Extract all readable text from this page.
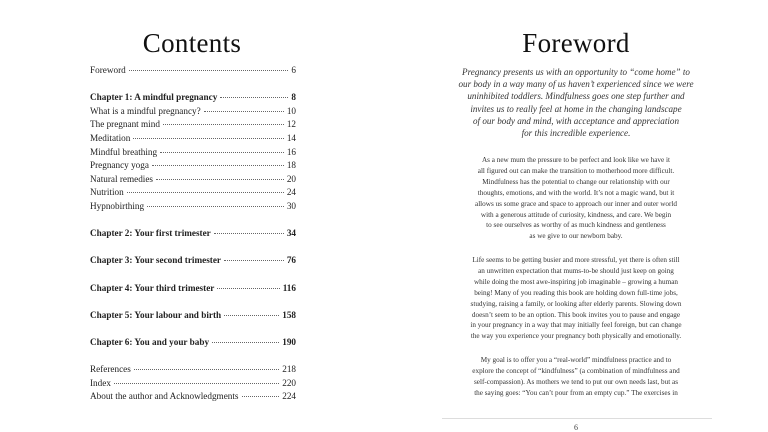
Contents
Foreword	6
Chapter 1: A mindful pregnancy	8
What is a mindful pregnancy?	10
The pregnant mind	12
Meditation	14
Mindful breathing	16
Pregnancy yoga	18
Natural remedies	20
Nutrition	24
Hypnobirthing	30
Chapter 2: Your first trimester	34
Chapter 3: Your second trimester	76
Chapter 4: Your third trimester	116
Chapter 5: Your labour and birth	158
Chapter 6: You and your baby	190
References	218
Index	220
About the author and Acknowledgments	224
Foreword
Pregnancy presents us with an opportunity to “come home” to
our body in a way many of us haven’t experienced since we were
uninhibited toddlers. Mindfulness goes one step further and
invites us to really feel at home in the changing landscape
of our body and mind, with acceptance and appreciation
for this incredible experience.
As a new mum the pressure to be perfect and look like we have it
all figured out can make the transition to motherhood more difficult.
Mindfulness has the potential to change our relationship with our
thoughts, emotions, and with the world. It’s not a magic wand, but it
allows us some grace and space to approach our inner and outer world
with a generous attitude of curiosity, kindness, and care. We begin
to see ourselves as worthy of as much kindness and gentleness
as we give to our newborn baby.
Life seems to be getting busier and more stressful, yet there is often still
an unwritten expectation that mums-to-be should just keep on going
while doing the most awe-inspiring job imaginable – growing a human
being! Many of you reading this book are holding down full-time jobs,
studying, raising a family, or looking after elderly parents. Slowing down
doesn’t seem to be an option. This book invites you to pause and engage
in your pregnancy in a way that may initially feel foreign, but can change
the way you experience your pregnancy both physically and emotionally.
My goal is to offer you a “real-world” mindfulness practice and to
explore the concept of “kindfulness” (a combination of mindfulness and
self-compassion). As mothers we tend to put our own needs last, but as
the saying goes: “You can’t pour from an empty cup.” The exercises in
6
